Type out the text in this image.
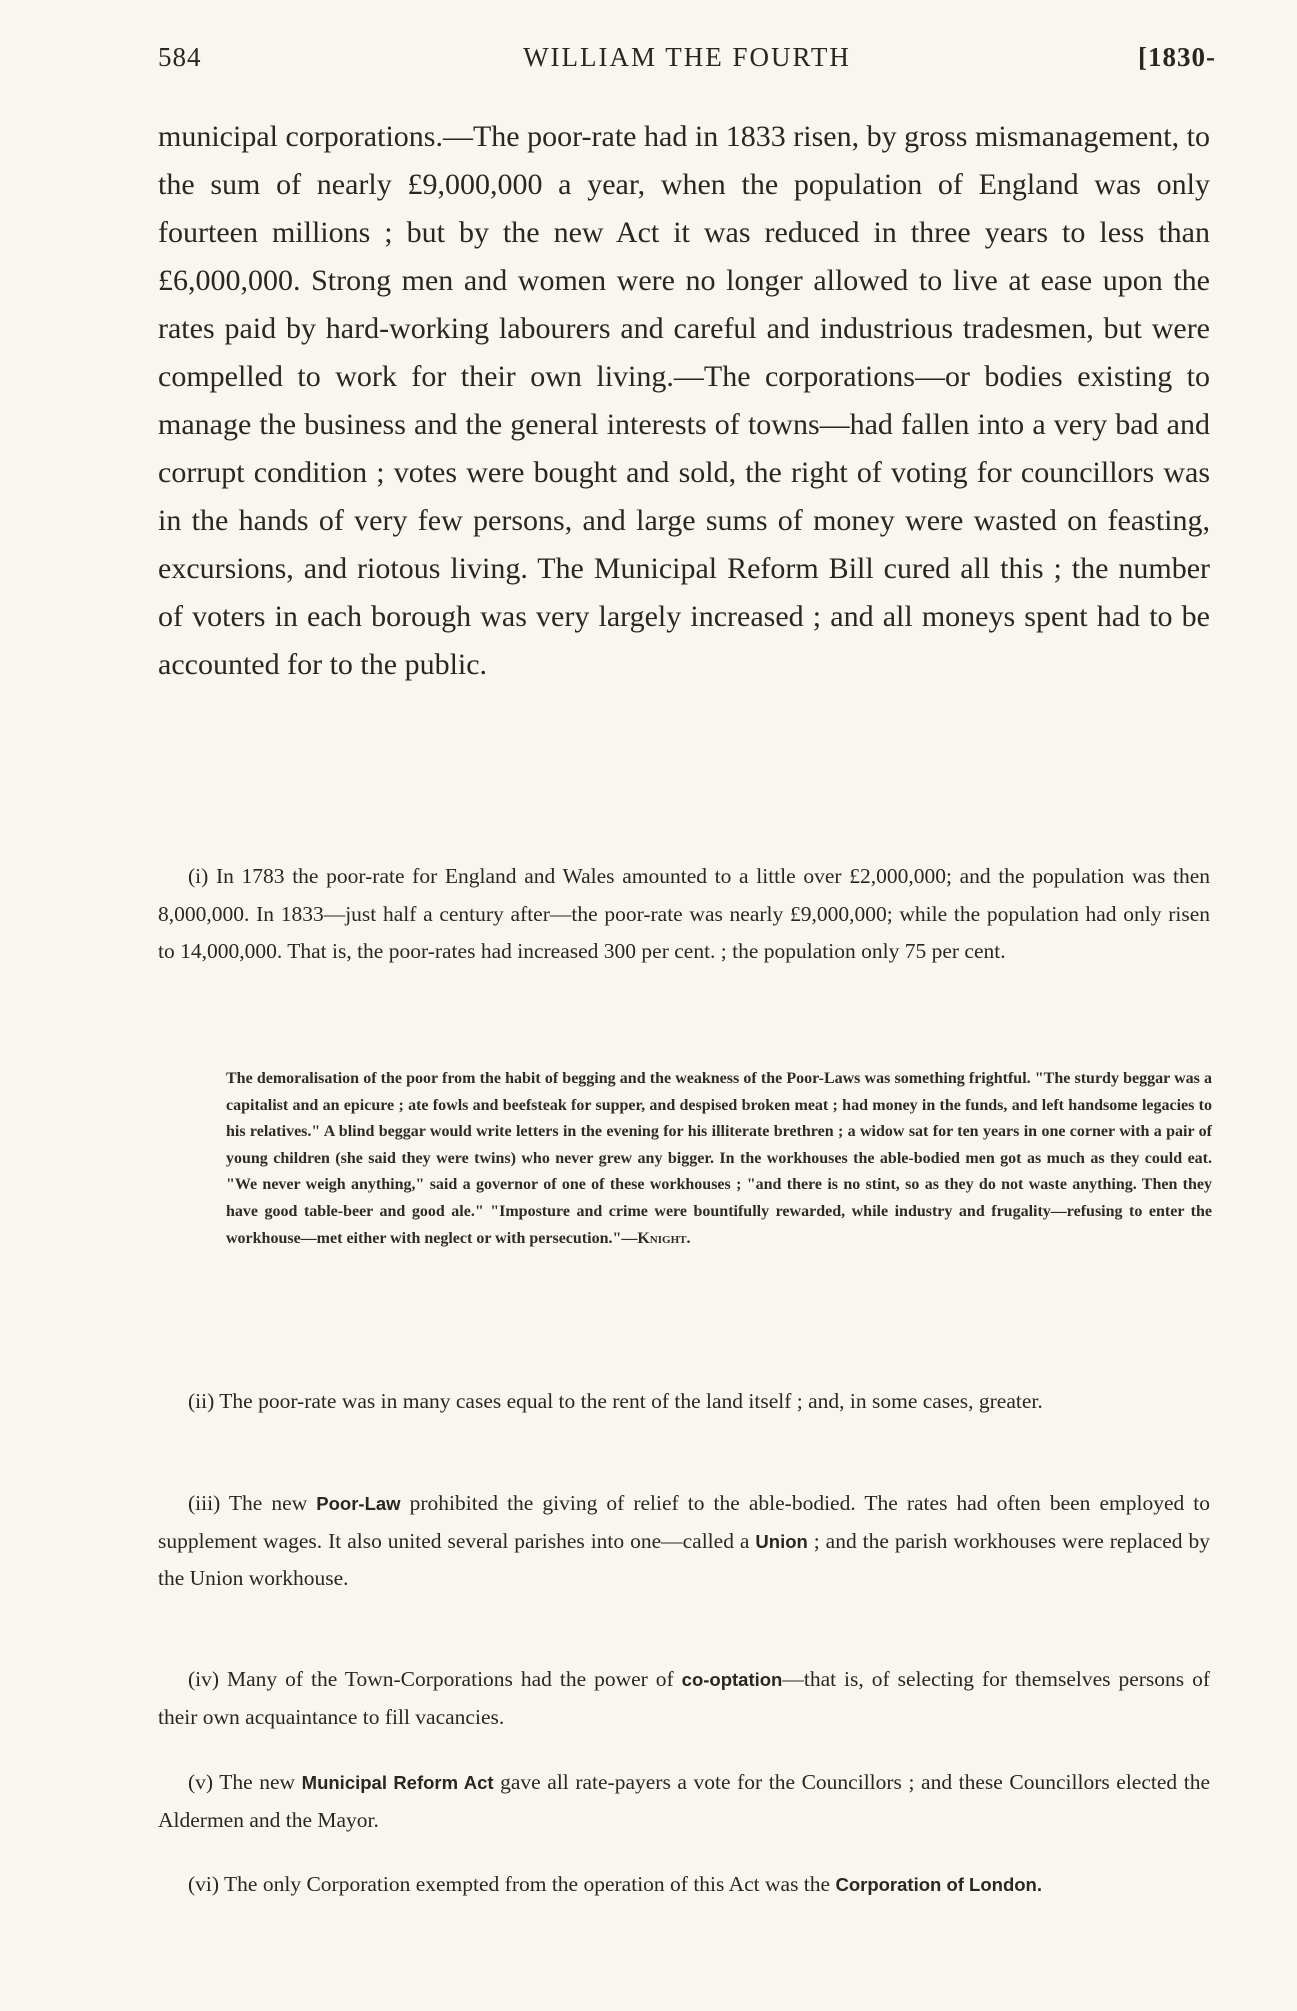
584	WILLIAM THE FOURTH	[1830-
municipal corporations.—The poor-rate had in 1833 risen, by gross mismanagement, to the sum of nearly £9,000,000 a year, when the population of England was only fourteen millions ; but by the new Act it was reduced in three years to less than £6,000,000. Strong men and women were no longer allowed to live at ease upon the rates paid by hard-working labourers and careful and industrious tradesmen, but were compelled to work for their own living.—The corporations—or bodies existing to manage the business and the general interests of towns—had fallen into a very bad and corrupt condition ; votes were bought and sold, the right of voting for councillors was in the hands of very few persons, and large sums of money were wasted on feasting, excursions, and riotous living. The Municipal Reform Bill cured all this ; the number of voters in each borough was very largely increased ; and all moneys spent had to be accounted for to the public.
(i) In 1783 the poor-rate for England and Wales amounted to a little over £2,000,000; and the population was then 8,000,000. In 1833—just half a century after—the poor-rate was nearly £9,000,000; while the population had only risen to 14,000,000. That is, the poor-rates had increased 300 per cent. ; the population only 75 per cent.
The demoralisation of the poor from the habit of begging and the weakness of the Poor-Laws was something frightful. "The sturdy beggar was a capitalist and an epicure ; ate fowls and beefsteak for supper, and despised broken meat ; had money in the funds, and left handsome legacies to his relatives." A blind beggar would write letters in the evening for his illiterate brethren ; a widow sat for ten years in one corner with a pair of young children (she said they were twins) who never grew any bigger. In the workhouses the able-bodied men got as much as they could eat. "We never weigh anything," said a governor of one of these workhouses ; "and there is no stint, so as they do not waste anything. Then they have good table-beer and good ale." "Imposture and crime were bountifully rewarded, while industry and frugality—refusing to enter the workhouse—met either with neglect or with persecution."—Knight.
(ii) The poor-rate was in many cases equal to the rent of the land itself ; and, in some cases, greater.
(iii) The new Poor-Law prohibited the giving of relief to the able-bodied. The rates had often been employed to supplement wages. It also united several parishes into one—called a Union ; and the parish workhouses were replaced by the Union workhouse.
(iv) Many of the Town-Corporations had the power of co-optation—that is, of selecting for themselves persons of their own acquaintance to fill vacancies.
(v) The new Municipal Reform Act gave all rate-payers a vote for the Councillors ; and these Councillors elected the Aldermen and the Mayor.
(vi) The only Corporation exempted from the operation of this Act was the Corporation of London.
